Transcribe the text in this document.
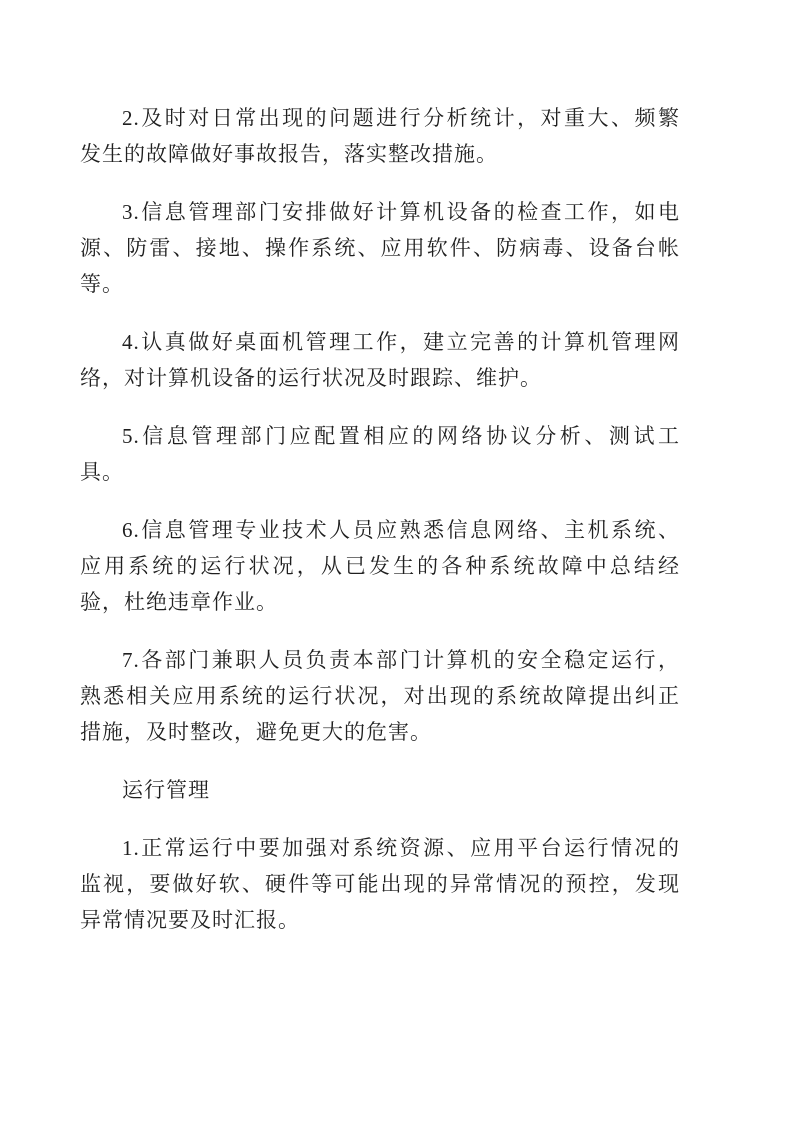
2.及时对日常出现的问题进行分析统计，对重大、频繁
发生的故障做好事故报告，落实整改措施。
3.信息管理部门安排做好计算机设备的检查工作，如电
源、防雷、接地、操作系统、应用软件、防病毒、设备台帐
等。
4.认真做好桌面机管理工作，建立完善的计算机管理网
络，对计算机设备的运行状况及时跟踪、维护。
5.信息管理部门应配置相应的网络协议分析、测试工
具。
6.信息管理专业技术人员应熟悉信息网络、主机系统、
应用系统的运行状况，从已发生的各种系统故障中总结经
验，杜绝违章作业。
7.各部门兼职人员负责本部门计算机的安全稳定运行，
熟悉相关应用系统的运行状况，对出现的系统故障提出纠正
措施，及时整改，避免更大的危害。
运行管理
1.正常运行中要加强对系统资源、应用平台运行情况的
监视，要做好软、硬件等可能出现的异常情况的预控，发现
异常情况要及时汇报。
